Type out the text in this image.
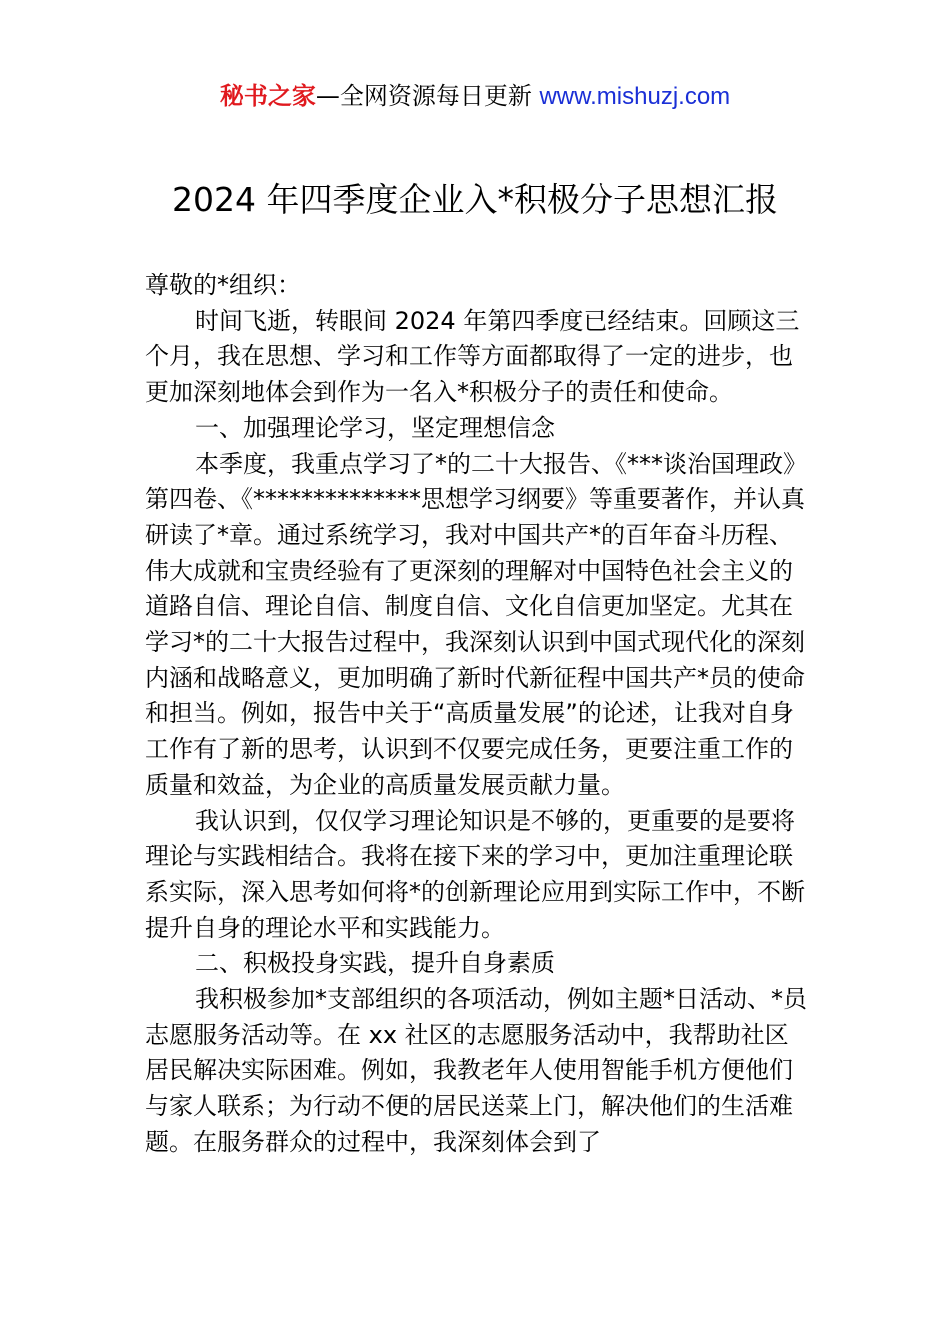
秘书之家—全网资源每日更新 www.mishuzj.com
2024 年四季度企业入*积极分子思想汇报

尊敬的*组织：

时间飞逝，转眼间 2024 年第四季度已经结束。回顾这三个月，我在思想、学习和工作等方面都取得了一定的进步，也更加深刻地体会到作为一名入*积极分子的责任和使命。

一、加强理论学习，坚定理想信念

本季度，我重点学习了*的二十大报告、《***谈治国理政》第四卷、《**************思想学习纲要》等重要著作，并认真研读了*章。通过系统学习，我对中国共产*的百年奋斗历程、伟大成就和宝贵经验有了更深刻的理解对中国特色社会主义的道路自信、理论自信、制度自信、文化自信更加坚定。尤其在学习*的二十大报告过程中，我深刻认识到中国式现代化的深刻内涵和战略意义，更加明确了新时代新征程中国共产*员的使命和担当。例如，报告中关于“高质量发展”的论述，让我对自身工作有了新的思考，认识到不仅要完成任务，更要注重工作的质量和效益，为企业的高质量发展贡献力量。

我认识到，仅仅学习理论知识是不够的，更重要的是要将理论与实践相结合。我将在接下来的学习中，更加注重理论联系实际，深入思考如何将*的创新理论应用到实际工作中，不断提升自身的理论水平和实践能力。

二、积极投身实践，提升自身素质

我积极参加*支部组织的各项活动，例如主题*日活动、*员志愿服务活动等。在 xx 社区的志愿服务活动中，我帮助社区居民解决实际困难。例如，我教老年人使用智能手机方便他们与家人联系；为行动不便的居民送菜上门，解决他们的生活难题。在服务群众的过程中，我深刻体会到了
